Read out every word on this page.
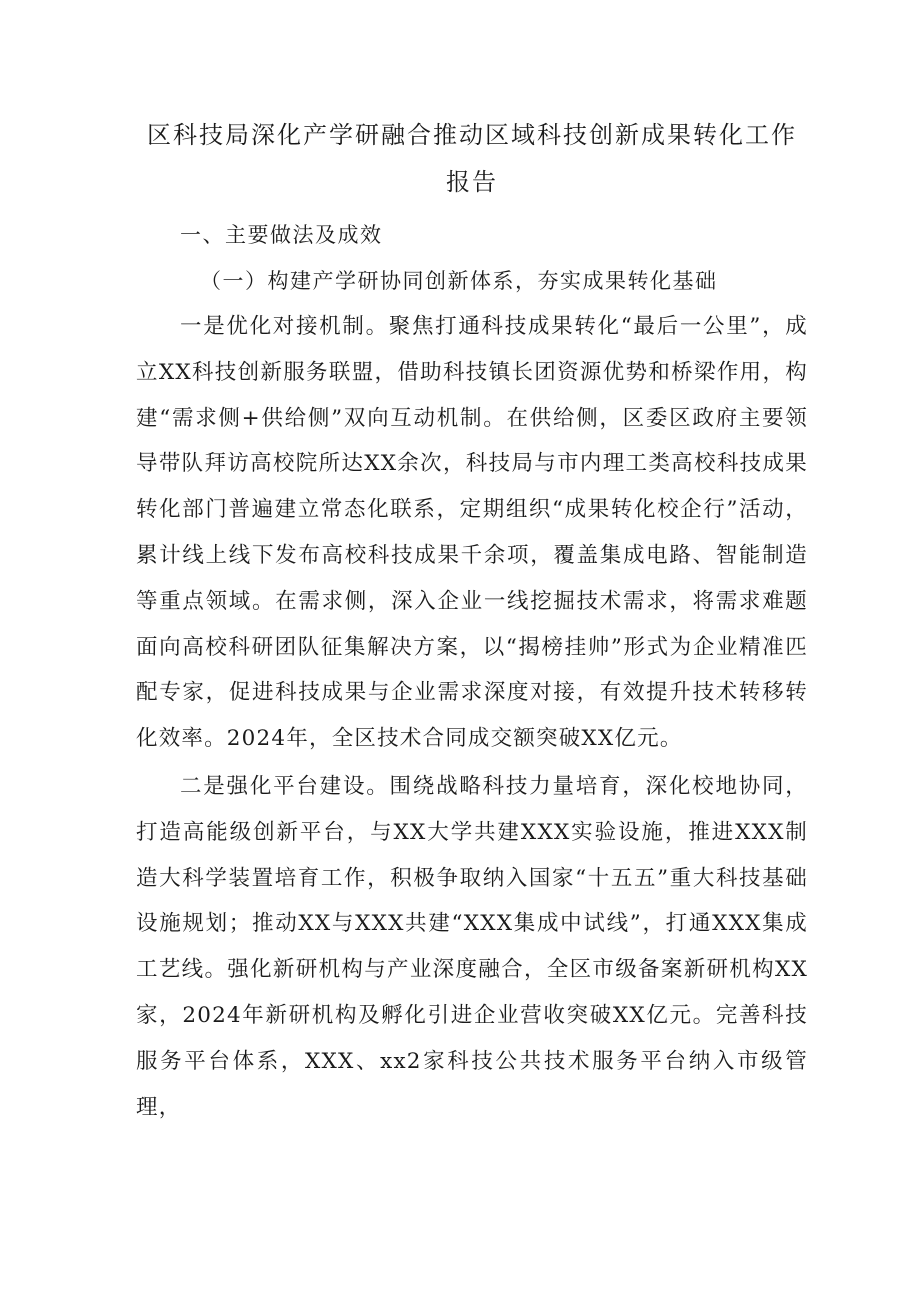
区科技局深化产学研融合推动区域科技创新成果转化工作
报告

一、主要做法及成效

（一）构建产学研协同创新体系，夯实成果转化基础

一是优化对接机制。聚焦打通科技成果转化“最后一公里”，成立XX科技创新服务联盟，借助科技镇长团资源优势和桥梁作用，构建“需求侧+供给侧”双向互动机制。在供给侧，区委区政府主要领导带队拜访高校院所达XX余次，科技局与市内理工类高校科技成果转化部门普遍建立常态化联系，定期组织“成果转化校企行”活动，累计线上线下发布高校科技成果千余项，覆盖集成电路、智能制造等重点领域。在需求侧，深入企业一线挖掘技术需求，将需求难题面向高校科研团队征集解决方案，以“揭榜挂帅”形式为企业精准匹配专家，促进科技成果与企业需求深度对接，有效提升技术转移转化效率。2024年，全区技术合同成交额突破XX亿元。

二是强化平台建设。围绕战略科技力量培育，深化校地协同，打造高能级创新平台，与XX大学共建XXX实验设施，推进XXX制造大科学装置培育工作，积极争取纳入国家“十五五”重大科技基础设施规划；推动XX与XXX共建“XXX集成中试线”，打通XXX集成工艺线。强化新研机构与产业深度融合，全区市级备案新研机构XX家，2024年新研机构及孵化引进企业营收突破XX亿元。完善科技服务平台体系，XXX、xx2家科技公共技术服务平台纳入市级管理，
